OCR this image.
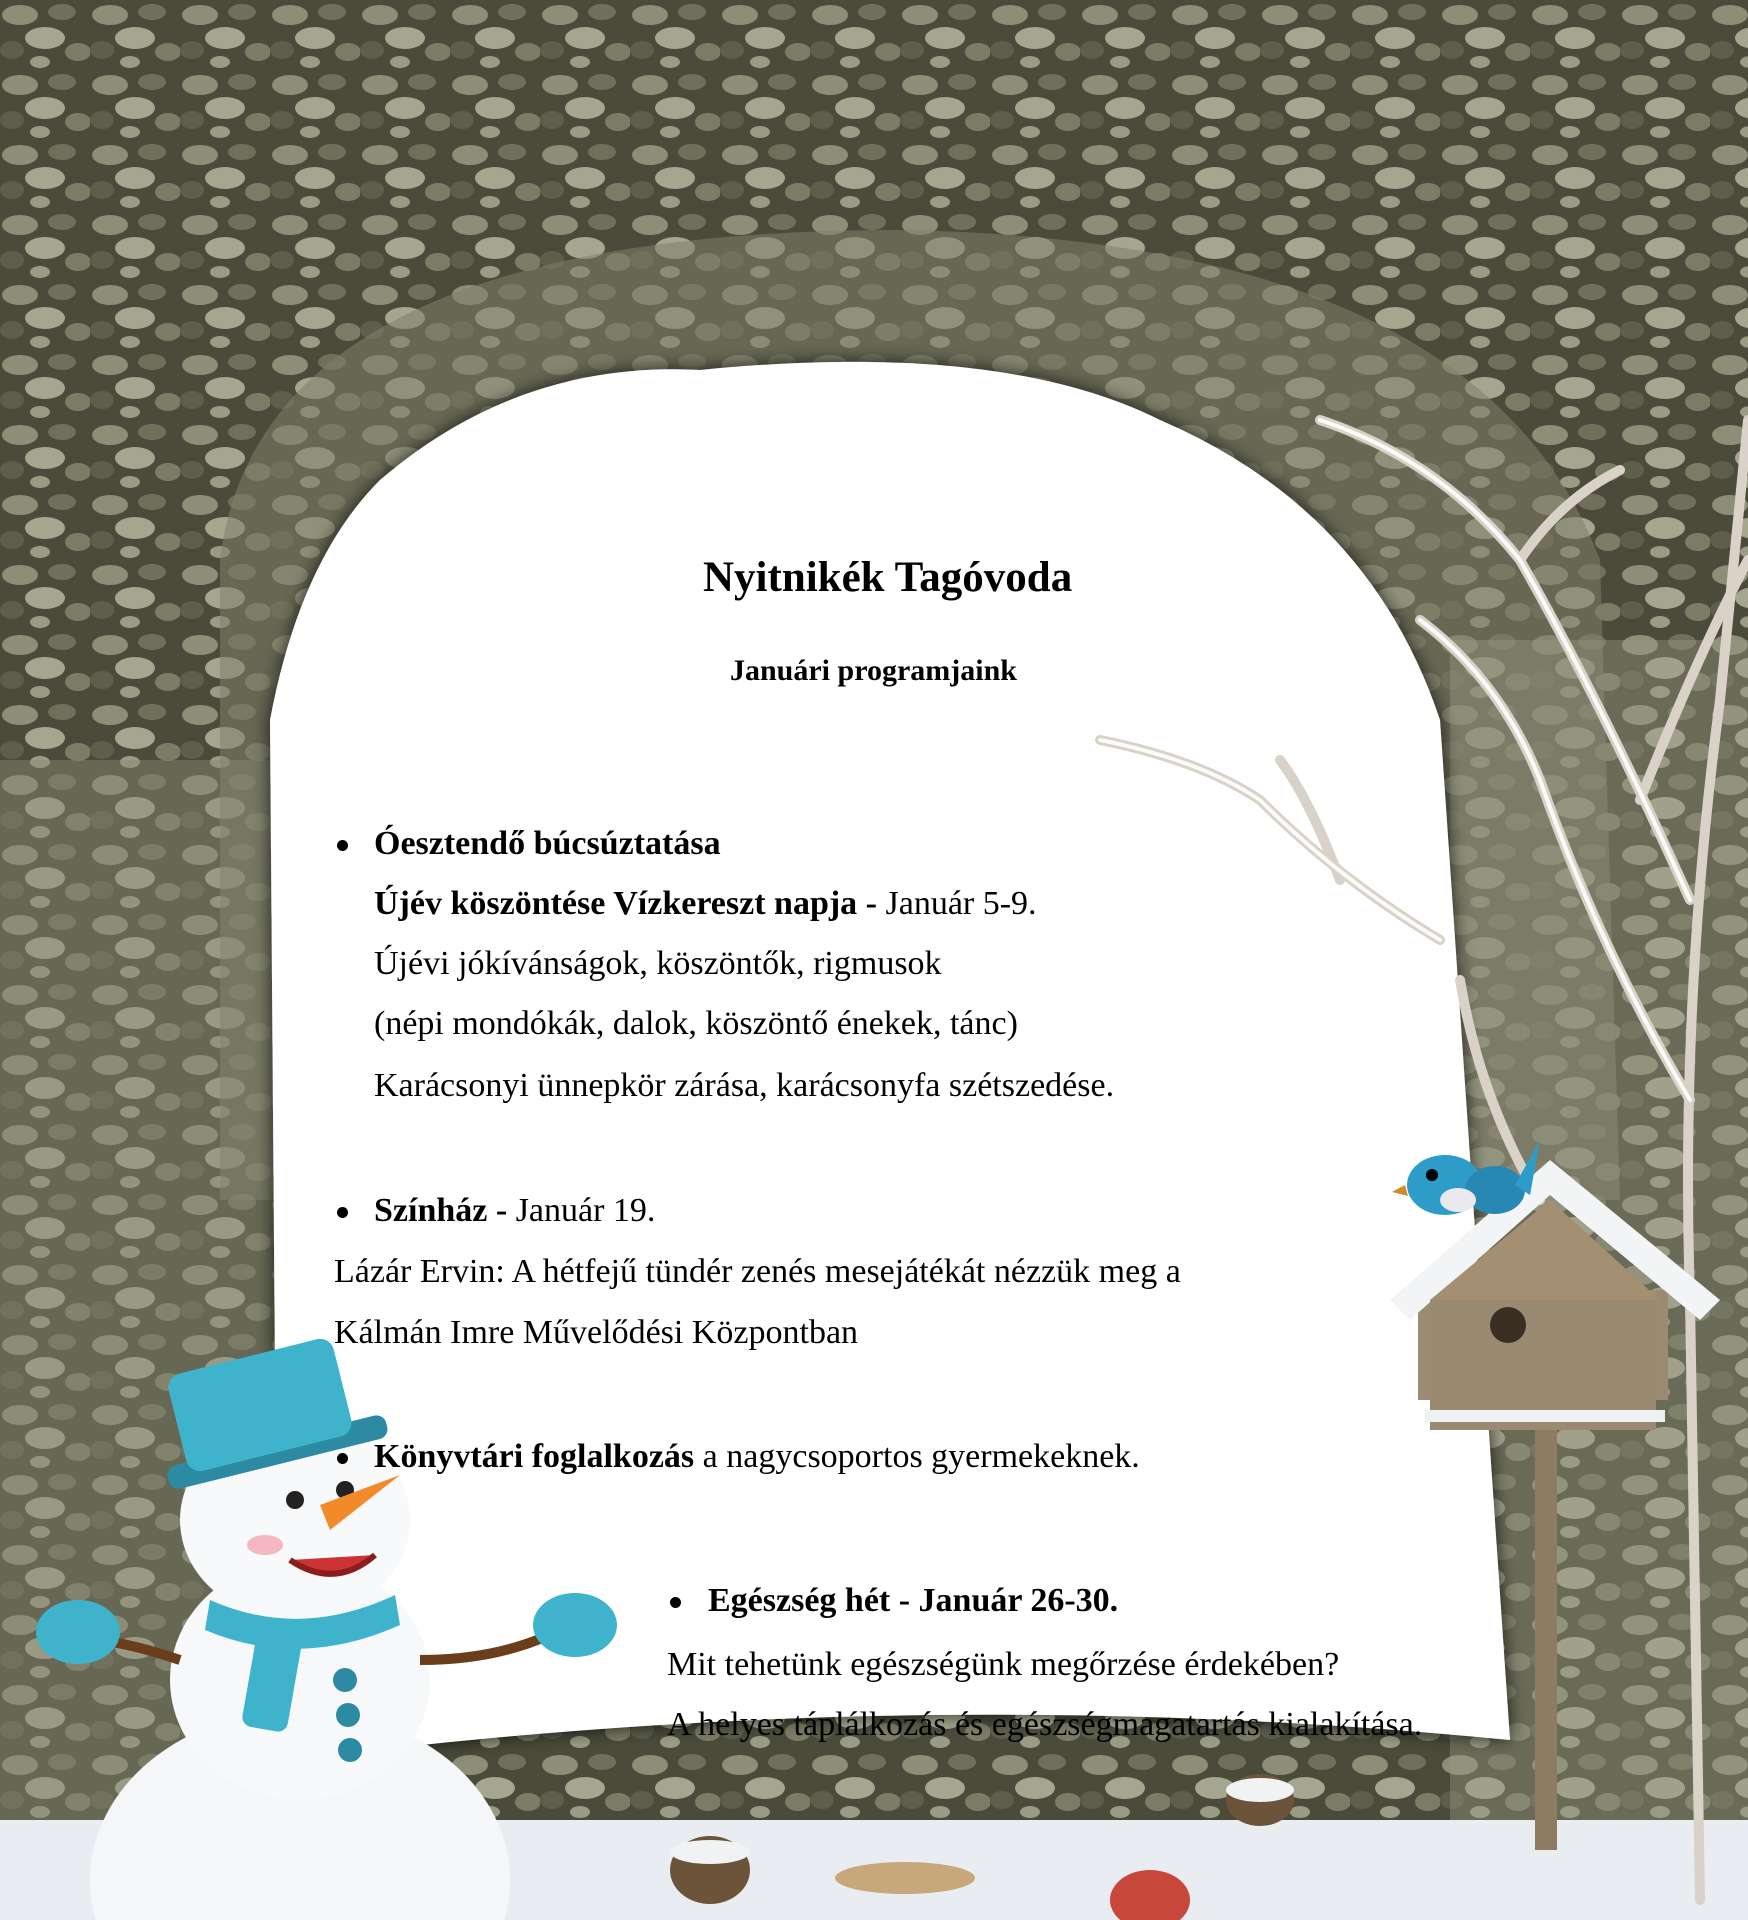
Nyitnikék Tagóvoda
Januári programjaink
Óesztendő búcsúztatása
Újév köszöntése Vízkereszt napja - Január 5-9.
Újévi jókívánságok, köszöntők, rigmusok
(népi mondókák, dalok, köszöntő énekek, tánc)
Karácsonyi ünnepkör zárása, karácsonyfa szétszedése.
Színház - Január 19.
Lázár Ervin: A hétfejű tündér zenés mesejátékát nézzük meg a
Kálmán Imre Művelődési Központban
Könyvtári foglalkozás a nagycsoportos gyermekeknek.
Egészség hét - Január 26-30.
Mit tehetünk egészségünk megőrzése érdekében?
A helyes táplálkozás és egészségmagatartás kialakítása.
